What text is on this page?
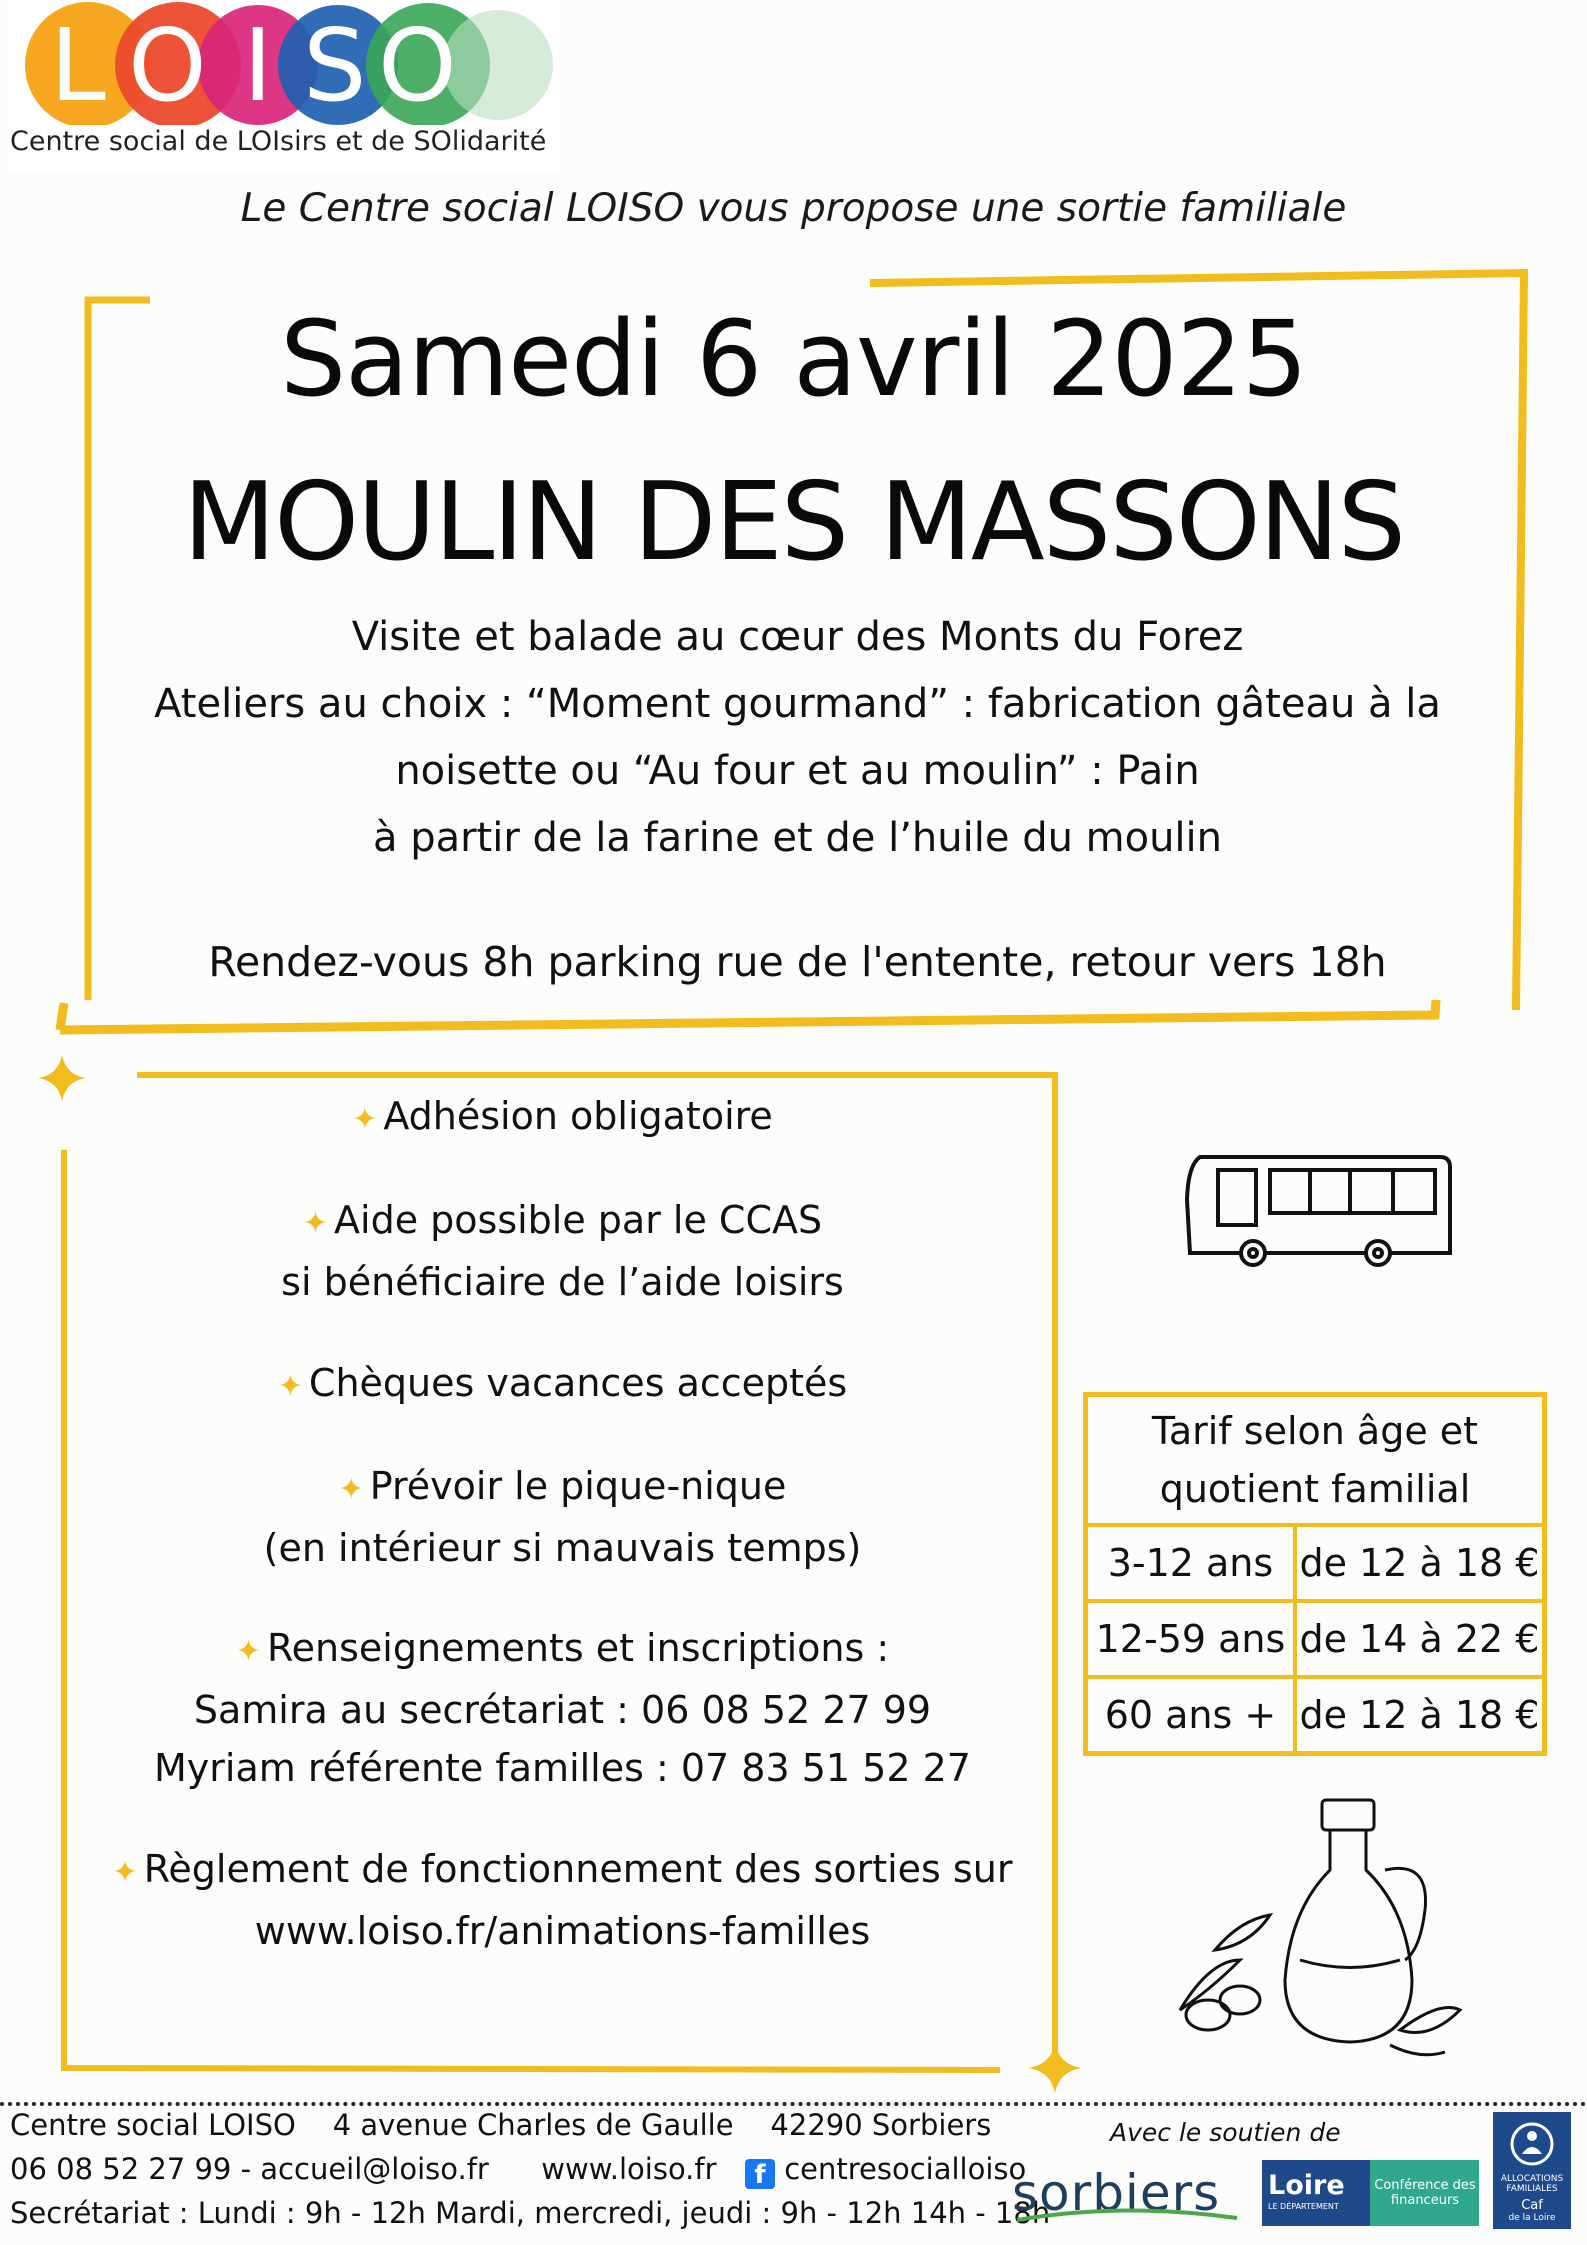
L O I S O
Centre social de LOIsirs et de SOlidarité
Le Centre social LOISO vous propose une sortie familiale
Samedi 6 avril 2025
MOULIN DES MASSONS
Visite et balade au cœur des Monts du Forez
Ateliers au choix : “Moment gourmand” : fabrication gâteau à la
noisette ou “Au four et au moulin” : Pain
à partir de la farine et de l’huile du moulin
Rendez-vous 8h parking rue de l'entente, retour vers 18h
✦ Adhésion obligatoire
✦ Aide possible par le CCAS
si bénéficiaire de l’aide loisirs
✦ Chèques vacances acceptés
✦ Prévoir le pique-nique
(en intérieur si mauvais temps)
✦ Renseignements et inscriptions :
Samira au secrétariat : 06 08 52 27 99
Myriam référente familles : 07 83 51 52 27
✦ Règlement de fonctionnement des sorties sur
www.loiso.fr/animations-familles
Tarif selon âge et quotient familial	
3-12 ans	de 12 à 18 €
12-59 ans	de 14 à 22 €
60 ans +	de 12 à 18 €
Centre social LOISO    4 avenue Charles de Gaulle    42290 Sorbiers
06 08 52 27 99 - accueil@loiso.fr www.loiso.fr f centresocialloiso
Secrétariat : Lundi : 9h - 12h Mardi, mercredi, jeudi : 9h - 12h 14h - 18h
Avec le soutien de
sorbiers Loire
LE DÉPARTEMENT
Conférence des financeurs
ALLOCATIONS FAMILIALES
Caf
de la Loire
